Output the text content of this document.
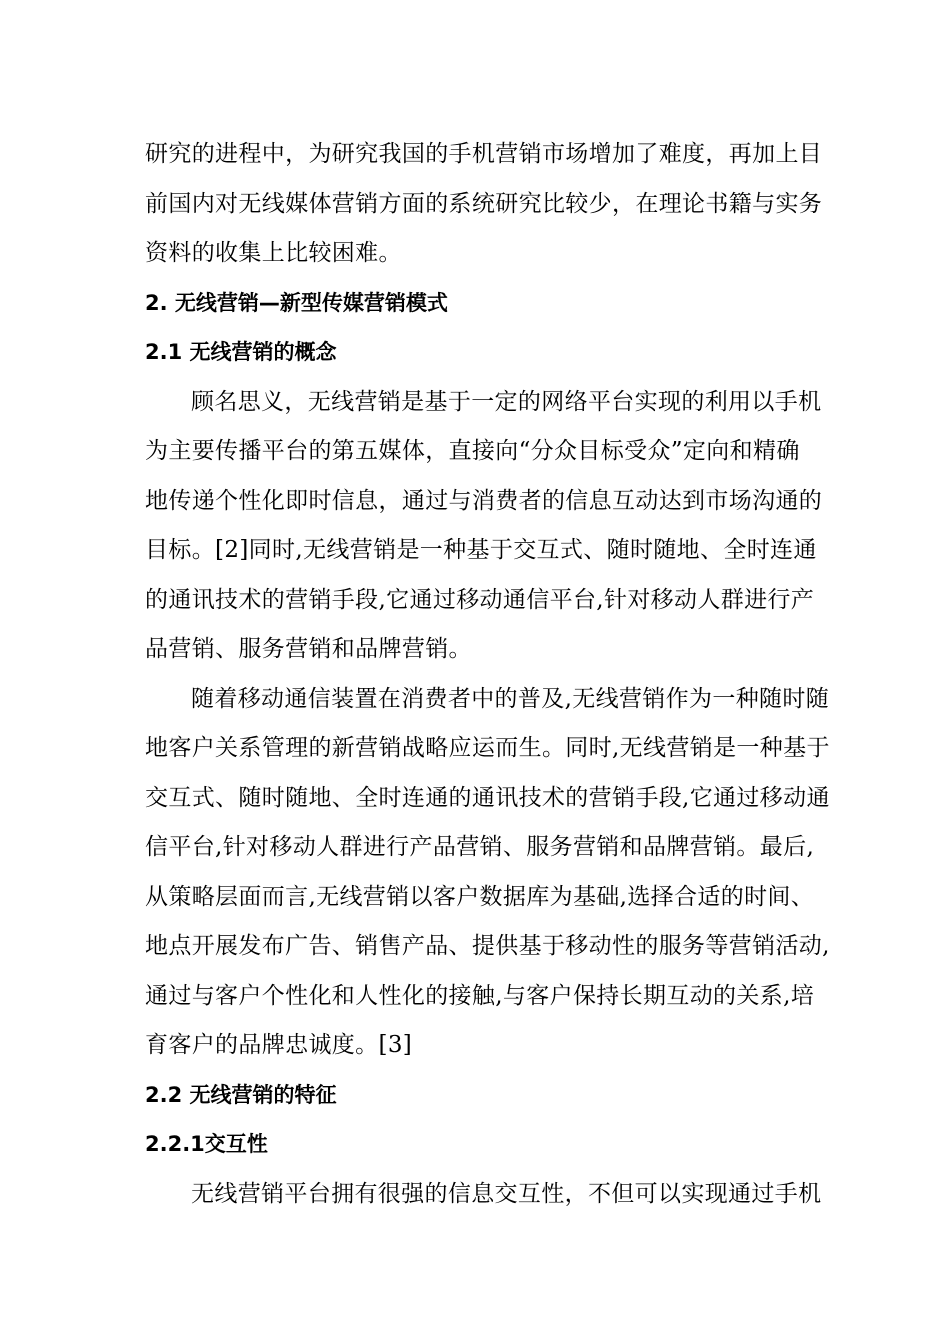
研究的进程中，为研究我国的手机营销市场增加了难度，再加上目
前国内对无线媒体营销方面的系统研究比较少，在理论书籍与实务
资料的收集上比较困难。
2. 无线营销—新型传媒营销模式
2.1 无线营销的概念
顾名思义，无线营销是基于一定的网络平台实现的利用以手机
为主要传播平台的第五媒体，直接向“分众目标受众”定向和精确
地传递个性化即时信息，通过与消费者的信息互动达到市场沟通的
目标。[2]同时,无线营销是一种基于交互式、随时随地、全时连通
的通讯技术的营销手段,它通过移动通信平台,针对移动人群进行产
品营销、服务营销和品牌营销。
随着移动通信装置在消费者中的普及,无线营销作为一种随时随
地客户关系管理的新营销战略应运而生。同时,无线营销是一种基于
交互式、随时随地、全时连通的通讯技术的营销手段,它通过移动通
信平台,针对移动人群进行产品营销、服务营销和品牌营销。最后,
从策略层面而言,无线营销以客户数据库为基础,选择合适的时间、
地点开展发布广告、销售产品、提供基于移动性的服务等营销活动,
通过与客户个性化和人性化的接触,与客户保持长期互动的关系,培
育客户的品牌忠诚度。[3]
2.2 无线营销的特征
2.2.1交互性
无线营销平台拥有很强的信息交互性，不但可以实现通过手机
